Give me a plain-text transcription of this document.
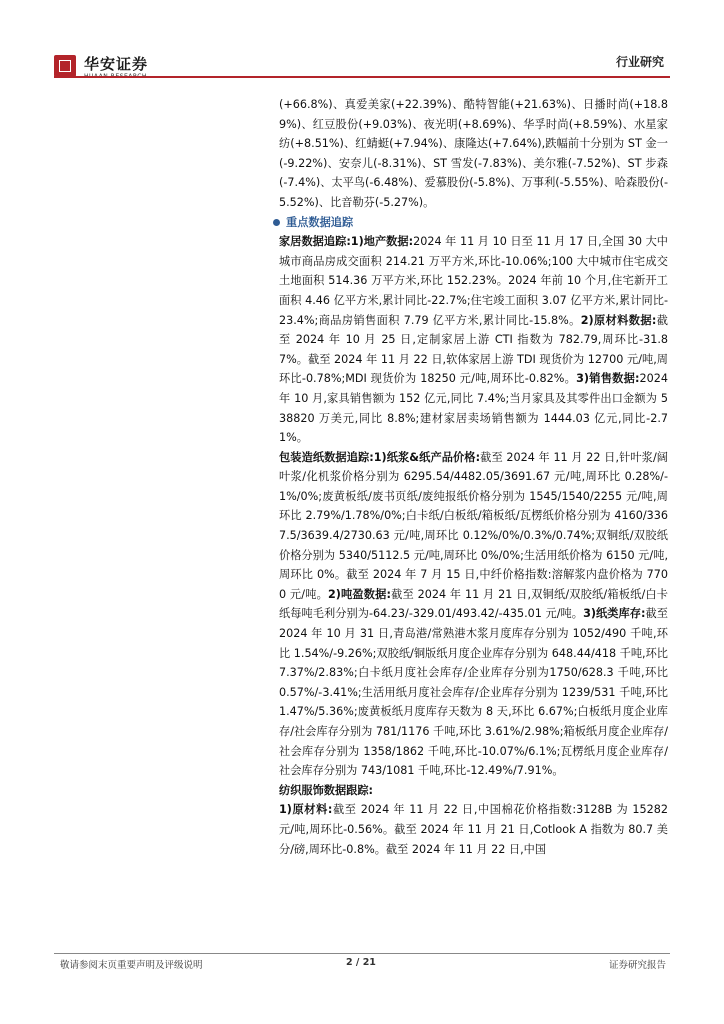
华安证券
HUAAN RESEARCH
行业研究

(+66.8%)、真爱美家(+22.39%)、酷特智能(+21.63%)、日播时尚(+18.89%)、红豆股份(+9.03%)、夜光明(+8.69%)、华孚时尚(+8.59%)、水星家纺(+8.51%)、红蜻蜓(+7.94%)、康隆达(+7.64%),跌幅前十分别为 ST 金一(-9.22%)、安奈儿(-8.31%)、ST 雪发(-7.83%)、美尔雅(-7.52%)、ST 步森(-7.4%)、太平鸟(-6.48%)、爱慕股份(-5.8%)、万事利(-5.55%)、哈森股份(-5.52%)、比音勒芬(-5.27%)。

重点数据追踪

家居数据追踪:1)地产数据:2024 年 11 月 10 日至 11 月 17 日,全国 30 大中城市商品房成交面积 214.21 万平方米,环比-10.06%;100 大中城市住宅成交土地面积 514.36 万平方米,环比 152.23%。2024 年前 10 个月,住宅新开工面积 4.46 亿平方米,累计同比-22.7%;住宅竣工面积 3.07 亿平方米,累计同比-23.4%;商品房销售面积 7.79 亿平方米,累计同比-15.8%。2)原材料数据:截至 2024 年 10 月 25 日,定制家居上游 CTI 指数为 782.79,周环比-31.87%。截至 2024 年 11 月 22 日,软体家居上游 TDI 现货价为 12700 元/吨,周环比-0.78%;MDI 现货价为 18250 元/吨,周环比-0.82%。3)销售数据:2024 年 10 月,家具销售额为 152 亿元,同比 7.4%;当月家具及其零件出口金额为 538820 万美元,同比 8.8%;建材家居卖场销售额为 1444.03 亿元,同比-2.71%。

包装造纸数据追踪:1)纸浆&纸产品价格:截至 2024 年 11 月 22 日,针叶浆/阔叶浆/化机浆价格分别为 6295.54/4482.05/3691.67 元/吨,周环比 0.28%/-1%/0%;废黄板纸/废书页纸/废纯报纸价格分别为 1545/1540/2255 元/吨,周环比 2.79%/1.78%/0%;白卡纸/白板纸/箱板纸/瓦楞纸价格分别为 4160/3367.5/3639.4/2730.63 元/吨,周环比 0.12%/0%/0.3%/0.74%;双铜纸/双胶纸价格分别为 5340/5112.5 元/吨,周环比 0%/0%;生活用纸价格为 6150 元/吨,周环比 0%。截至 2024 年 7 月 15 日,中纤价格指数:溶解浆内盘价格为 7700 元/吨。2)吨盈数据:截至 2024 年 11 月 21 日,双铜纸/双胶纸/箱板纸/白卡纸每吨毛利分别为-64.23/-329.01/493.42/-435.01 元/吨。3)纸类库存:截至 2024 年 10 月 31 日,青岛港/常熟港木浆月度库存分别为 1052/490 千吨,环比 1.54%/-9.26%;双胶纸/铜版纸月度企业库存分别为 648.44/418 千吨,环比 7.37%/2.83%;白卡纸月度社会库存/企业库存分别为1750/628.3 千吨,环比 0.57%/-3.41%;生活用纸月度社会库存/企业库存分别为 1239/531 千吨,环比 1.47%/5.36%;废黄板纸月度库存天数为 8 天,环比 6.67%;白板纸月度企业库存/社会库存分别为 781/1176 千吨,环比 3.61%/2.98%;箱板纸月度企业库存/社会库存分别为 1358/1862 千吨,环比-10.07%/6.1%;瓦楞纸月度企业库存/社会库存分别为 743/1081 千吨,环比-12.49%/7.91%。

纺织服饰数据跟踪:

1)原材料:截至 2024 年 11 月 22 日,中国棉花价格指数:3128B 为 15282 元/吨,周环比-0.56%。截至 2024 年 11 月 21 日,Cotlook A 指数为 80.7 美分/磅,周环比-0.8%。截至 2024 年 11 月 22 日,中国

敬请参阅末页重要声明及评级说明	2 / 21	证券研究报告
